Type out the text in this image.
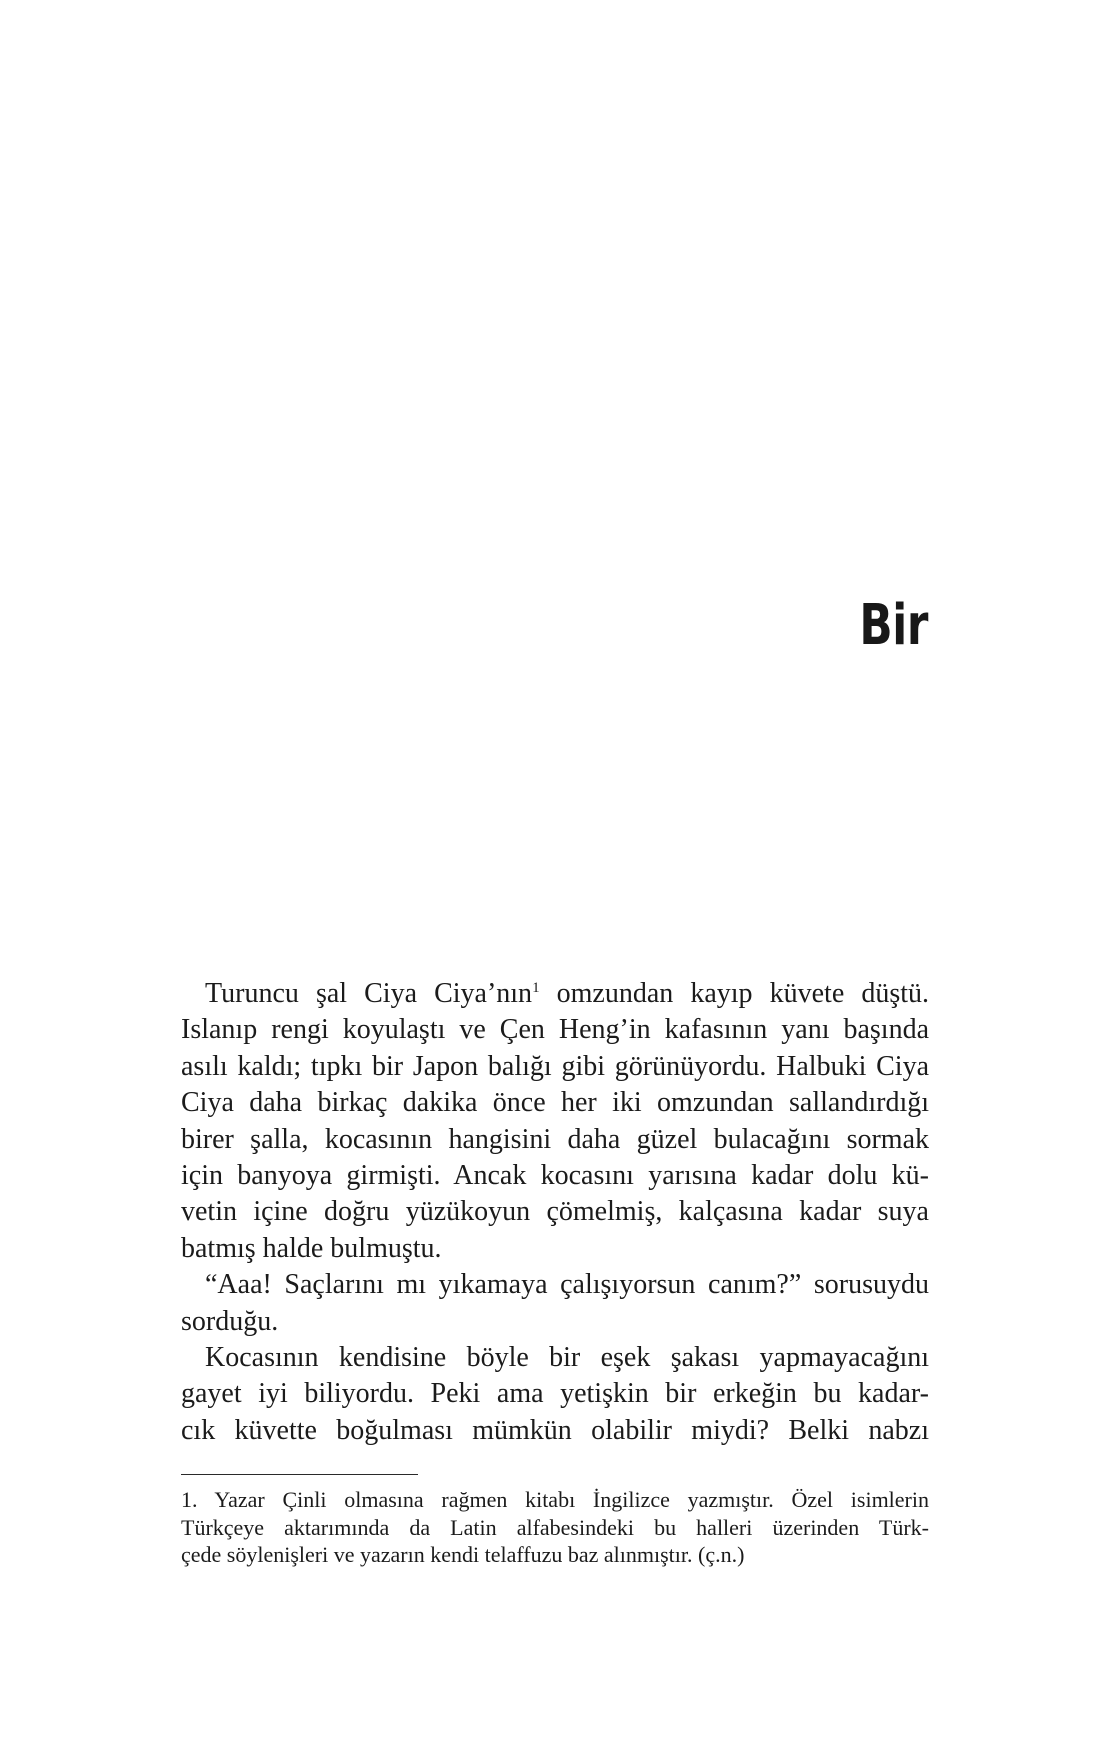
Bir
Turuncu şal Ciya Ciya’nın$^1$ omzundan kayıp küvete düştü.
Islanıp rengi koyulaştı ve Çen Heng’in kafasının yanı başında
asılı kaldı; tıpkı bir Japon balığı gibi görünüyordu. Halbuki Ciya
Ciya daha birkaç dakika önce her iki omzundan sallandırdığı
birer şalla, kocasının hangisini daha güzel bulacağını sormak
için banyoya girmişti. Ancak kocasını yarısına kadar dolu kü-
vetin içine doğru yüzükoyun çömelmiş, kalçasına kadar suya
batmış halde bulmuştu.
“Aaa! Saçlarını mı yıkamaya çalışıyorsun canım?” sorusuydu
sorduğu.
Kocasının kendisine böyle bir eşek şakası yapmayacağını
gayet iyi biliyordu. Peki ama yetişkin bir erkeğin bu kadar-
cık küvette boğulması mümkün olabilir miydi? Belki nabzı
1. Yazar Çinli olmasına rağmen kitabı İngilizce yazmıştır. Özel isimlerin
Türkçeye aktarımında da Latin alfabesindeki bu halleri üzerinden Türk-
çede söylenişleri ve yazarın kendi telaffuzu baz alınmıştır. (ç.n.)
